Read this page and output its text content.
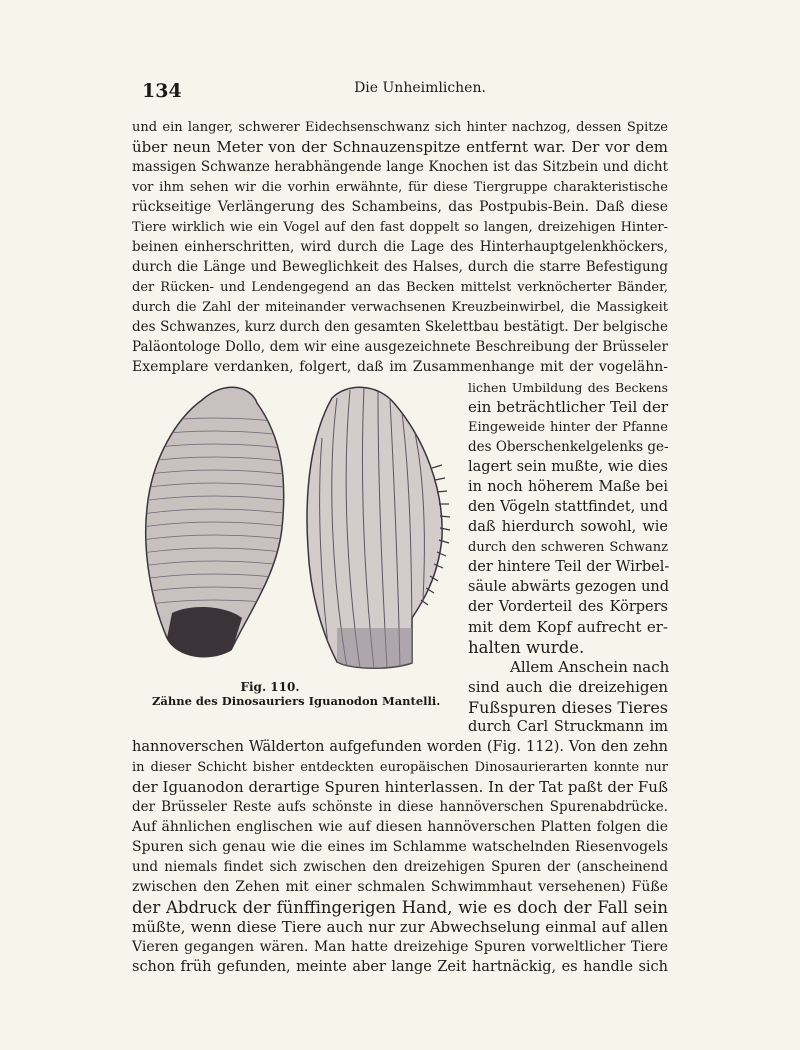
134	Die Unheimlichen.
und ein langer, schwerer Eidechsenschwanz sich hinter nachzog, dessen Spitze
über neun Meter von der Schnauzenspitze entfernt war. Der vor dem
massigen Schwanze herabhängende lange Knochen ist das Sitzbein und dicht
vor ihm sehen wir die vorhin erwähnte, für diese Tiergruppe charakteristische
rückseitige Verlängerung des Schambeins, das Postpubis-Bein. Daß diese
Tiere wirklich wie ein Vogel auf den fast doppelt so langen, dreizehigen Hinter-
beinen einherschritten, wird durch die Lage des Hinterhauptgelenkhöckers,
durch die Länge und Beweglichkeit des Halses, durch die starre Befestigung
der Rücken- und Lendengegend an das Becken mittelst verknöcherter Bänder,
durch die Zahl der miteinander verwachsenen Kreuzbeinwirbel, die Massigkeit
des Schwanzes, kurz durch den gesamten Skelettbau bestätigt. Der belgische
Paläontologe Dollo, dem wir eine ausgezeichnete Beschreibung der Brüsseler
Exemplare verdanken, folgert, daß im Zusammenhange mit der vogelähn-
lichen Umbildung des Beckens
ein beträchtlicher Teil der
Eingeweide hinter der Pfanne
des Oberschenkelgelenks ge-
lagert sein mußte, wie dies
in noch höherem Maße bei
den Vögeln stattfindet, und
daß hierdurch sowohl, wie
durch den schweren Schwanz
der hintere Teil der Wirbel-
säule abwärts gezogen und
der Vorderteil des Körpers
mit dem Kopf aufrecht er-
halten wurde.
Allem Anschein nach
sind auch die dreizehigen
Fußspuren dieses Tieres
durch Carl Struckmann im
Fig. 110.
Zähne des Dinosauriers Iguanodon Mantelli.
hannoverschen Wälderton aufgefunden worden (Fig. 112). Von den zehn
in dieser Schicht bisher entdeckten europäischen Dinosaurierarten konnte nur
der Iguanodon derartige Spuren hinterlassen. In der Tat paßt der Fuß
der Brüsseler Reste aufs schönste in diese hannöverschen Spurenabdrücke.
Auf ähnlichen englischen wie auf diesen hannöverschen Platten folgen die
Spuren sich genau wie die eines im Schlamme watschelnden Riesenvogels
und niemals findet sich zwischen den dreizehigen Spuren der (anscheinend
zwischen den Zehen mit einer schmalen Schwimmhaut versehenen) Füße
der Abdruck der fünffingerigen Hand, wie es doch der Fall sein
müßte, wenn diese Tiere auch nur zur Abwechselung einmal auf allen
Vieren gegangen wären. Man hatte dreizehige Spuren vorweltlicher Tiere
schon früh gefunden, meinte aber lange Zeit hartnäckig, es handle sich
